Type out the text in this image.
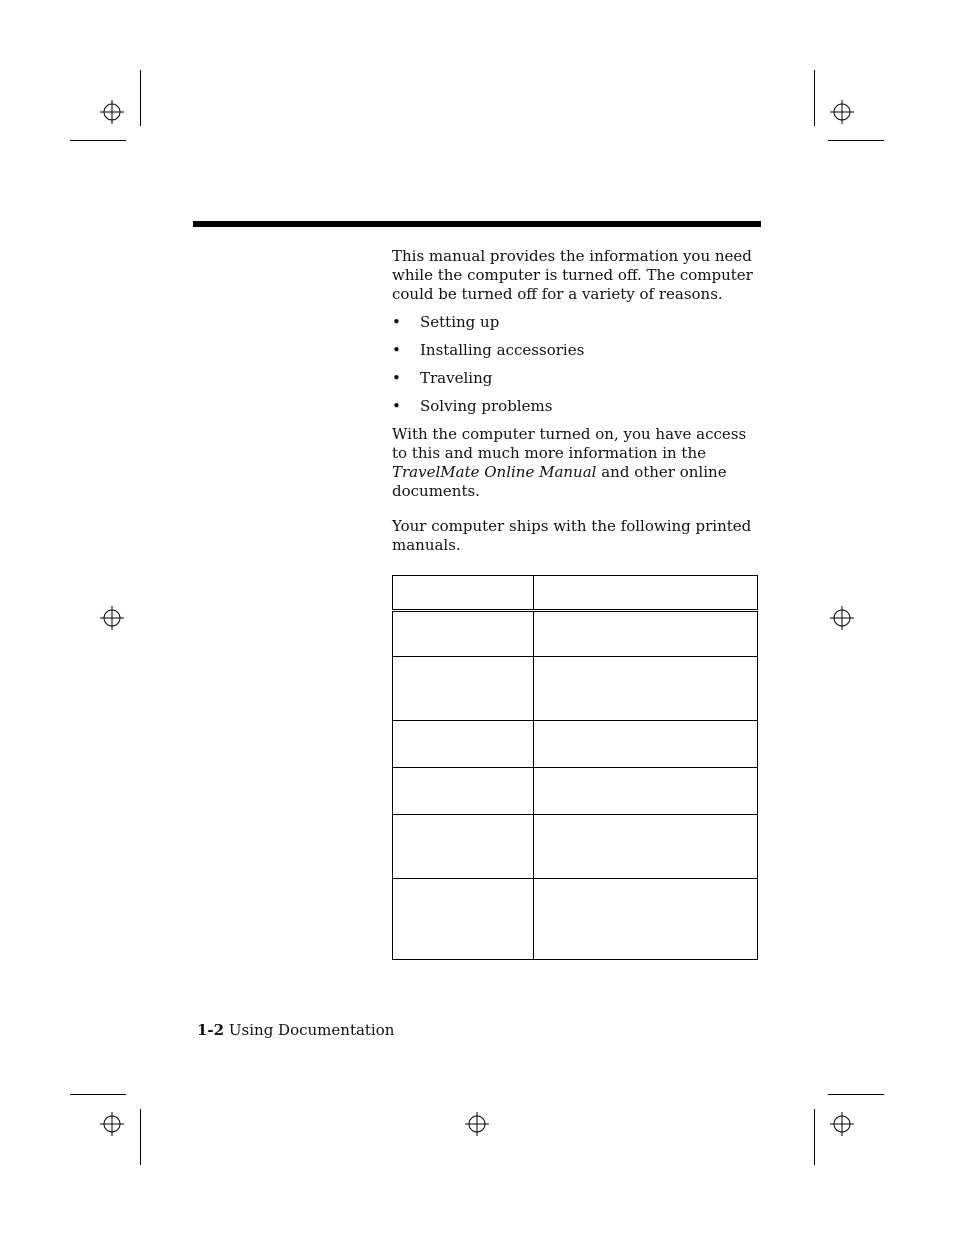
This manual provides the information you need while the computer is turned off. The computer could be turned off for a variety of reasons.

• Setting up
• Installing accessories
• Traveling
• Solving problems

With the computer turned on, you have access to this and much more information in the TravelMate Online Manual and other online documents.

Your computer ships with the following printed manuals.

1-2 Using Documentation
